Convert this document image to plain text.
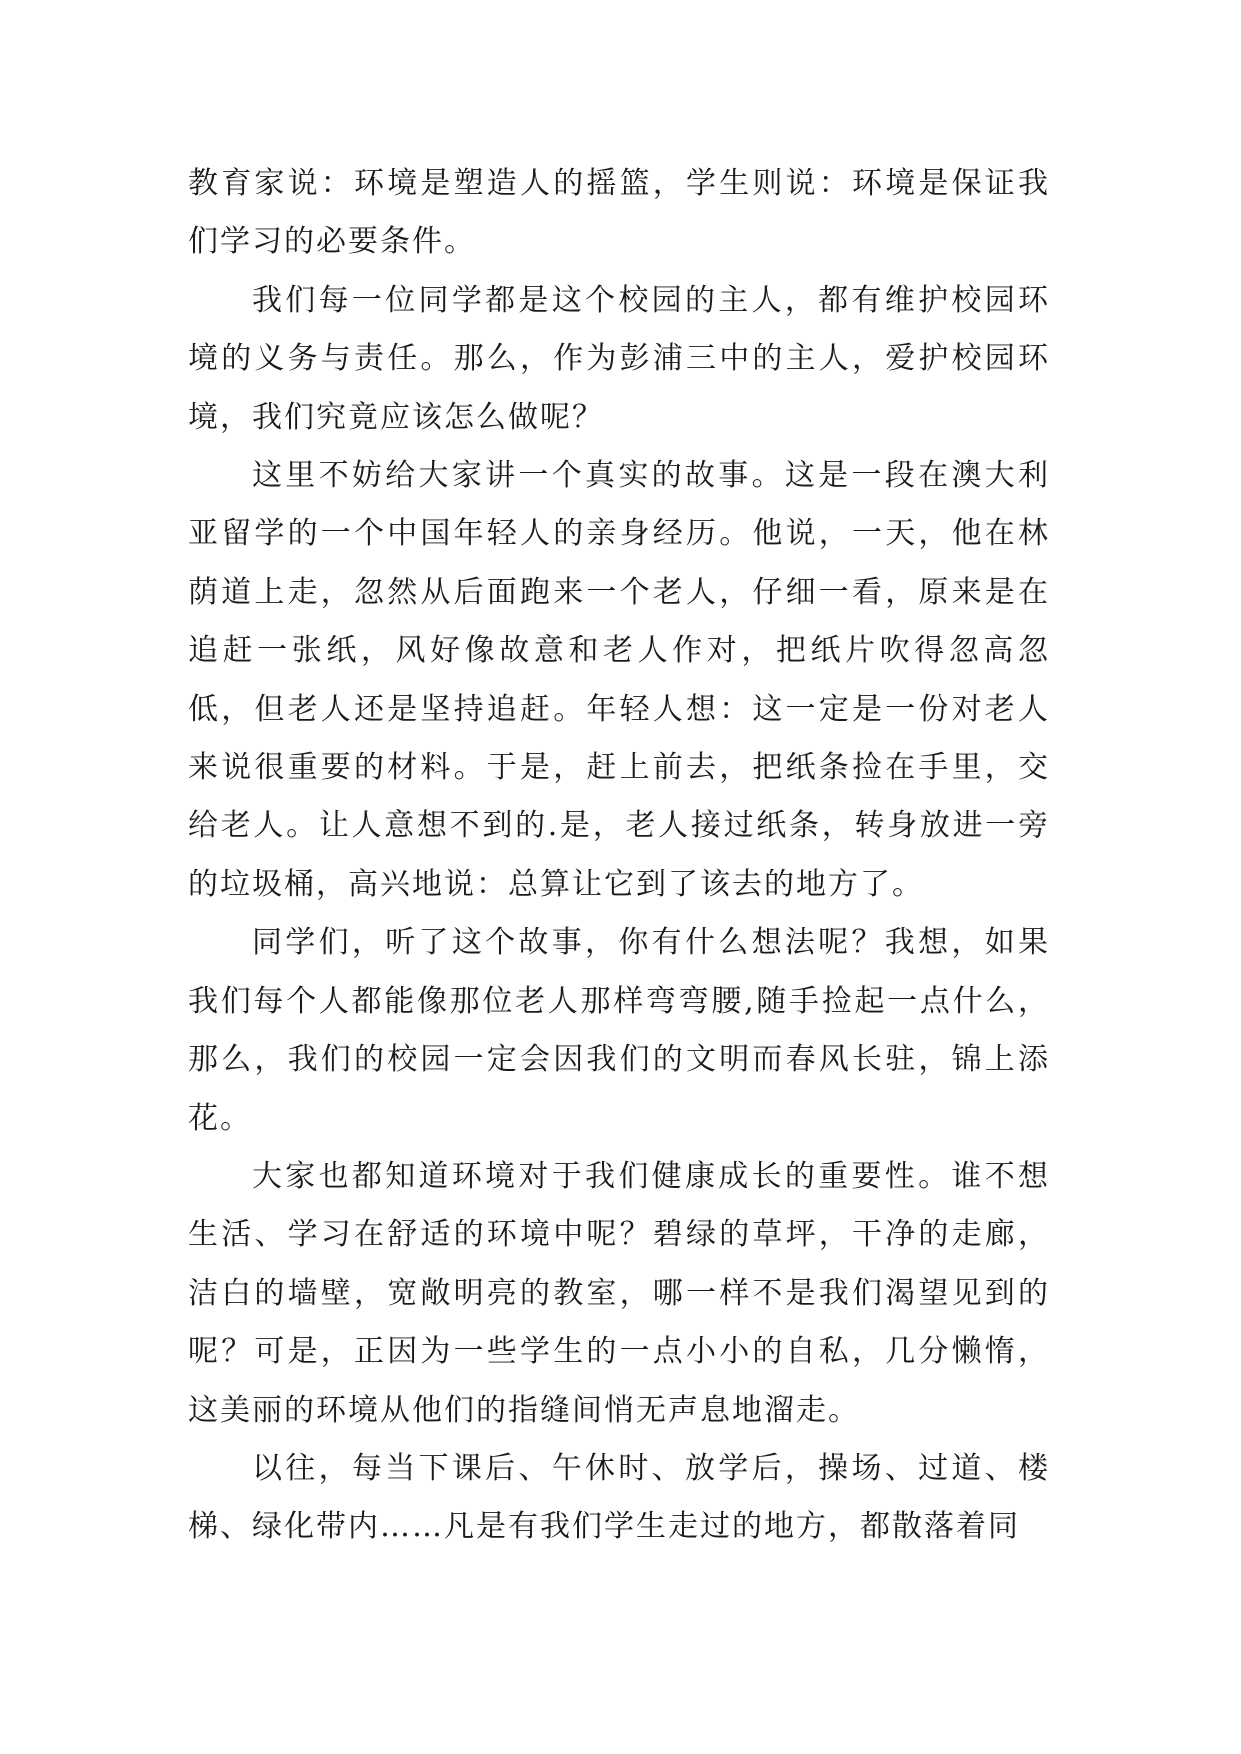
教育家说：环境是塑造人的摇篮，学生则说：环境是保证我们学习的必要条件。

我们每一位同学都是这个校园的主人，都有维护校园环境的义务与责任。那么，作为彭浦三中的主人，爱护校园环境，我们究竟应该怎么做呢？

这里不妨给大家讲一个真实的故事。这是一段在澳大利亚留学的一个中国年轻人的亲身经历。他说，一天，他在林荫道上走，忽然从后面跑来一个老人，仔细一看，原来是在追赶一张纸，风好像故意和老人作对，把纸片吹得忽高忽低，但老人还是坚持追赶。年轻人想：这一定是一份对老人来说很重要的材料。于是，赶上前去，把纸条捡在手里，交给老人。让人意想不到的.是，老人接过纸条，转身放进一旁的垃圾桶，高兴地说：总算让它到了该去的地方了。

同学们，听了这个故事，你有什么想法呢？我想，如果我们每个人都能像那位老人那样弯弯腰,随手捡起一点什么，那么，我们的校园一定会因我们的文明而春风长驻，锦上添花。

大家也都知道环境对于我们健康成长的重要性。谁不想生活、学习在舒适的环境中呢？碧绿的草坪，干净的走廊，洁白的墙壁，宽敞明亮的教室，哪一样不是我们渴望见到的呢？可是，正因为一些学生的一点小小的自私，几分懒惰，这美丽的环境从他们的指缝间悄无声息地溜走。

以往，每当下课后、午休时、放学后，操场、过道、楼梯、绿化带内……凡是有我们学生走过的地方，都散落着同
